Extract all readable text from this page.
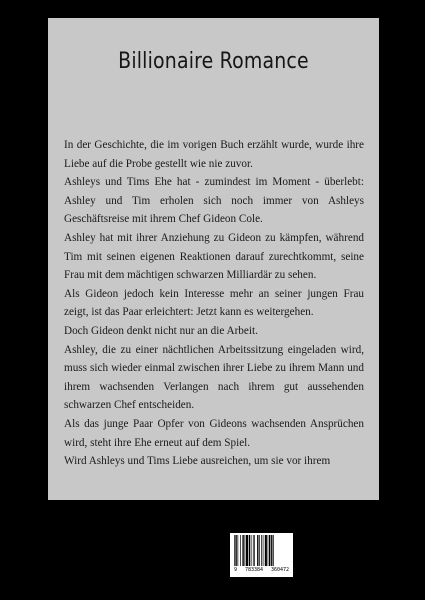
Billionaire Romance

In der Geschichte, die im vorigen Buch erzählt wurde, wurde ihre Liebe auf die Probe gestellt wie nie zuvor.

Ashleys und Tims Ehe hat - zumindest im Moment - überlebt: Ashley und Tim erholen sich noch immer von Ashleys Geschäftsreise mit ihrem Chef Gideon Cole.

Ashley hat mit ihrer Anziehung zu Gideon zu kämpfen, während Tim mit seinen eigenen Reaktionen darauf zurechtkommt, seine Frau mit dem mächtigen schwarzen Milliardär zu sehen.

Als Gideon jedoch kein Interesse mehr an seiner jungen Frau zeigt, ist das Paar erleichtert: Jetzt kann es weitergehen.

Doch Gideon denkt nicht nur an die Arbeit.

Ashley, die zu einer nächtlichen Arbeitssitzung eingeladen wird, muss sich wieder einmal zwischen ihrer Liebe zu ihrem Mann und ihrem wachsenden Verlangen nach ihrem gut aussehenden schwarzen Chef entscheiden.

Als das junge Paar Opfer von Gideons wachsenden Ansprüchen wird, steht ihre Ehe erneut auf dem Spiel.

Wird Ashleys und Tims Liebe ausreichen, um sie vor ihrem

9 783384 360472
